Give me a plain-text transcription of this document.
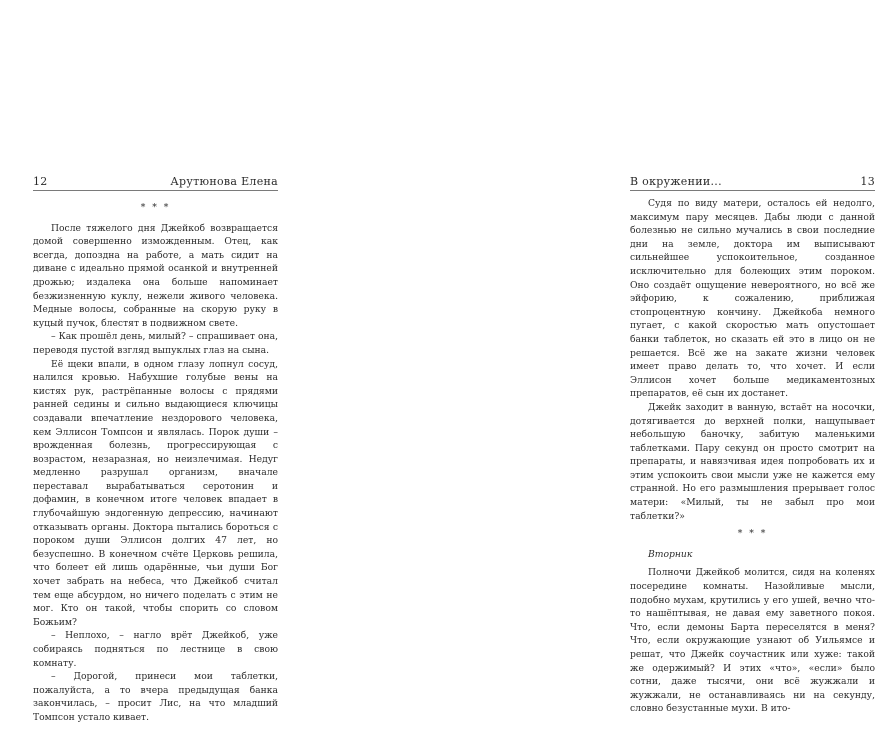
12	Арутюнова Елена

* * *

После тяжелого дня Джейкоб возвращается домой совершенно изможденным. Отец, как всегда, допоздна на работе, а мать сидит на диване с идеально прямой осанкой и внутренней дрожью; издалека она больше напоминает безжизненную куклу, нежели живого человека. Медные волосы, собранные на скорую руку в куцый пучок, блестят в подвижном свете.

– Как прошёл день, милый? – спрашивает она, переводя пустой взгляд выпуклых глаз на сына.

Её щеки впали, в одном глазу лопнул сосуд, налился кровью. Набухшие голубые вены на кистях рук, растрёпанные волосы с прядями ранней седины и сильно выдающиеся ключицы создавали впечатление нездорового человека, кем Эллисон Томпсон и являлась. Порок души – врожденная болезнь, прогрессирующая с возрастом, незаразная, но неизлечимая. Недуг медленно разрушал организм, вначале переставал вырабатываться серотонин и дофамин, в конечном итоге человек впадает в глубочайшую эндогенную депрессию, начинают отказывать органы. Доктора пытались бороться с пороком души Эллисон долгих 47 лет, но безуспешно. В конечном счёте Церковь решила, что болеет ей лишь одарённые, чьи души Бог хочет забрать на небеса, что Джейкоб считал тем еще абсурдом, но ничего поделать с этим не мог. Кто он такой, чтобы спорить со словом Божьим?

– Неплохо, – нагло врёт Джейкоб, уже собираясь подняться по лестнице в свою комнату.

– Дорогой, принеси мои таблетки, пожалуйста, а то вчера предыдущая банка закончилась, – просит Лис, на что младший Томпсон устало кивает.

В окружении...	13

Судя по виду матери, осталось ей недолго, максимум пару месяцев. Дабы люди с данной болезнью не сильно мучались в свои последние дни на земле, доктора им выписывают сильнейшее успокоительное, созданное исключительно для болеющих этим пороком. Оно создаёт ощущение невероятного, но всё же эйфорию, к сожалению, приближая стопроцентную кончину. Джейкоба немного пугает, с какой скоростью мать опустошает банки таблеток, но сказать ей это в лицо он не решается. Всё же на закате жизни человек имеет право делать то, что хочет. И если Эллисон хочет больше медикаментозных препаратов, её сын их достанет.

Джейк заходит в ванную, встаёт на носочки, дотягивается до верхней полки, нащупывает небольшую баночку, забитую маленькими таблетками. Пару секунд он просто смотрит на препараты, и навязчивая идея попробовать их и этим успокоить свои мысли уже не кажется ему странной. Но его размышления прерывает голос матери: «Милый, ты не забыл про мои таблетки?»

* * *

Вторник

Полночи Джейкоб молится, сидя на коленях посередине комнаты. Назойливые мысли, подобно мухам, крутились у его ушей, вечно что-то нашёптывая, не давая ему заветного покоя. Что, если демоны Барта переселятся в меня? Что, если окружающие узнают об Уильямсе и решат, что Джейк соучастник или хуже: такой же одержимый? И этих «что», «если» было сотни, даже тысячи, они всё жужжали и жужжали, не останавливаясь ни на секунду, словно безустанные мухи. В ито-
